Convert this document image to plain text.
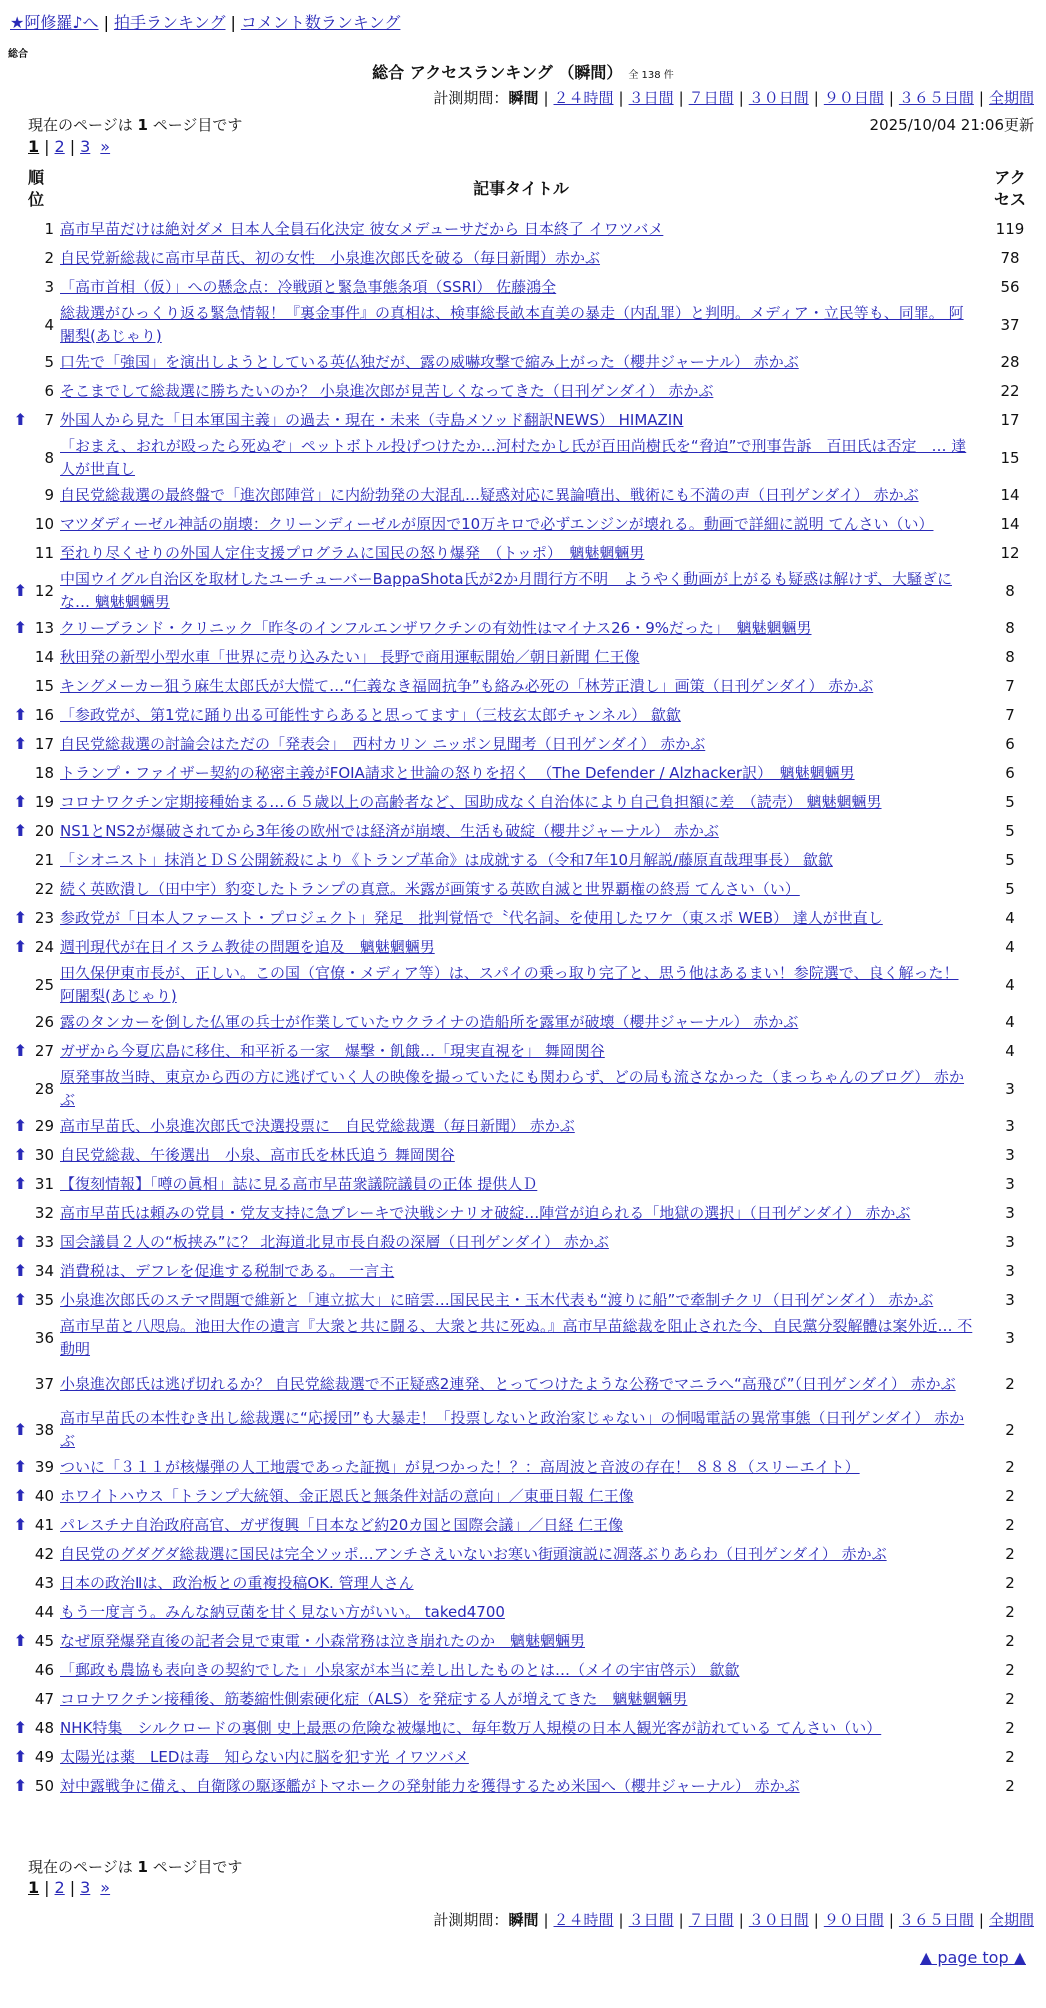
★阿修羅♪へ | 拍手ランキング | コメント数ランキング
総合
総合 アクセスランキング （瞬間） 全 138 件
計測期間：瞬間 | ２４時間 | ３日間 | ７日間 | ３０日間 | ９０日間 | ３６５日間 | 全期間
現在のページは 1 ページ目です	2025/10/04 21:06更新
1 | 2 | 3 »
順位		記事タイトル	アクセス

	1	高市早苗だけは絶対ダメ 日本人全員石化決定 彼女メデューサだから 日本終了 イワツバメ	119
	2	自民党新総裁に高市早苗氏、初の女性　小泉進次郎氏を破る（毎日新聞）赤かぶ	78
	3	「高市首相（仮）」への懸念点：冷戦頭と緊急事態条項（SSRI） 佐藤鴻全	56
	4	総裁選がひっくり返る緊急情報！『裏金事件』の真相は、検事総長畝本直美の暴走（内乱罪）と判明。メディア・立民等も、同罪。 阿闍梨(あじゃり)	37
	5	口先で「強国」を演出しようとしている英仏独だが、露の威嚇攻撃で縮み上がった（櫻井ジャーナル） 赤かぶ	28
	6	そこまでして総裁選に勝ちたいのか？ 小泉進次郎が見苦しくなってきた（日刊ゲンダイ） 赤かぶ	22
⬆	7	外国人から見た「日本軍国主義」の過去・現在・未来（寺島メソッド翻訳NEWS） HIMAZIN	17
	8	「おまえ、おれが殴ったら死ぬぞ」ペットボトル投げつけたか…河村たかし氏が百田尚樹氏を“脅迫”で刑事告訴　百田氏は否定　… 達人が世直し	15
	9	自民党総裁選の最終盤で「進次郎陣営」に内紛勃発の大混乱…疑惑対応に異論噴出、戦術にも不満の声（日刊ゲンダイ） 赤かぶ	14
	10	マツダディーゼル神話の崩壊：クリーンディーゼルが原因で10万キロで必ずエンジンが壊れる。動画で詳細に説明 てんさい（い）	14
	11	至れり尽くせりの外国人定住支援プログラムに国民の怒り爆発　（トッポ）　魑魅魍魎男	12
⬆	12	中国ウイグル自治区を取材したユーチューバーBappaShota氏が2か月間行方不明　ようやく動画が上がるも疑惑は解けず、大騒ぎにな… 魑魅魍魎男	8
⬆	13	クリーブランド・クリニック「昨冬のインフルエンザワクチンの有効性はマイナス26・9%だった」　魑魅魍魎男	8
	14	秋田発の新型小型水車「世界に売り込みたい」 長野で商用運転開始／朝日新聞 仁王像	8
	15	キングメーカー狙う麻生太郎氏が大慌て…“仁義なき福岡抗争”も絡み必死の「林芳正潰し」画策（日刊ゲンダイ） 赤かぶ	7
⬆	16	「参政党が、第1党に踊り出る可能性すらあると思ってます」（三枝玄太郎チャンネル） 歙歙	7
⬆	17	自民党総裁選の討論会はただの「発表会」　西村カリン ニッポン見聞考（日刊ゲンダイ） 赤かぶ	6
	18	トランプ・ファイザー契約の秘密主義がFOIA請求と世論の怒りを招く　（The Defender / Alzhacker訳）　魑魅魍魎男	6
⬆	19	コロナワクチン定期接種始まる…６５歳以上の高齢者など、国助成なく自治体により自己負担額に差　（読売） 魑魅魍魎男	5
⬆	20	NS1とNS2が爆破されてから3年後の欧州では経済が崩壊、生活も破綻（櫻井ジャーナル） 赤かぶ	5
	21	「シオニスト」抹消とＤＳ公開銃殺により《トランプ革命》は成就する（令和7年10月解説/藤原直哉理事長） 歙歙	5
	22	続く英欧潰し（田中宇）豹変したトランプの真意。米露が画策する英欧自滅と世界覇権の終焉 てんさい（い）	5
⬆	23	参政党が「日本人ファースト・プロジェクト」発足　批判覚悟で〝代名詞〟を使用したワケ（東スポ WEB） 達人が世直し	4
⬆	24	週刊現代が在日イスラム教徒の問題を追及　魑魅魍魎男	4
	25	田久保伊東市長が、正しい。この国（官僚・メディア等）は、スパイの乗っ取り完了と、思う他はあるまい！参院選で、良く解った！ 阿闍梨(あじゃり)	4
	26	露のタンカーを倒した仏軍の兵士が作業していたウクライナの造船所を露軍が破壊（櫻井ジャーナル） 赤かぶ	4
⬆	27	ガザから今夏広島に移住、和平祈る一家　爆撃・飢餓…「現実直視を」 舞岡関谷	4
	28	原発事故当時、東京から西の方に逃げていく人の映像を撮っていたにも関わらず、どの局も流さなかった（まっちゃんのブログ） 赤かぶ	3
⬆	29	高市早苗氏、小泉進次郎氏で決選投票に　自民党総裁選（毎日新聞） 赤かぶ	3
⬆	30	自民党総裁、午後選出　小泉、高市氏を林氏追う 舞岡関谷	3
⬆	31	【復刻情報】「噂の眞相」誌に見る高市早苗衆議院議員の正体 提供人Ｄ	3
	32	高市早苗氏は頼みの党員・党友支持に急ブレーキで決戦シナリオ破綻…陣営が迫られる「地獄の選択」（日刊ゲンダイ） 赤かぶ	3
⬆	33	国会議員２人の“板挟み”に？ 北海道北見市長自殺の深層（日刊ゲンダイ） 赤かぶ	3
⬆	34	消費税は、デフレを促進する税制である。 一言主	3
⬆	35	小泉進次郎氏のステマ問題で維新と「連立拡大」に暗雲…国民民主・玉木代表も“渡りに船”で牽制チクリ（日刊ゲンダイ） 赤かぶ	3
	36	高市早苗と八咫烏。池田大作の遺言『大衆と共に闘る、大衆と共に死ぬ。』高市早苗総裁を阻止された今、自民黨分裂解體は案外近… 不動明	3
	37	小泉進次郎氏は逃げ切れるか？ 自民党総裁選で不正疑惑2連発、とってつけたような公務でマニラへ“高飛び”（日刊ゲンダイ） 赤かぶ	2
⬆	38	高市早苗氏の本性むき出し総裁選に“応援団”も大暴走！「投票しないと政治家じゃない」の恫喝電話の異常事態（日刊ゲンダイ） 赤かぶ	2
⬆	39	ついに「３１１が核爆弾の人工地震であった証拠」が見つかった！？：高周波と音波の存在！ ８８８（スリーエイト）	2
⬆	40	ホワイトハウス「トランプ大統領、金正恩氏と無条件対話の意向」／東亜日報 仁王像	2
⬆	41	パレスチナ自治政府高官、ガザ復興「日本など約20カ国と国際会議」／日経 仁王像	2
	42	自民党のグダグダ総裁選に国民は完全ソッポ…アンチさえいないお寒い街頭演説に凋落ぶりあらわ（日刊ゲンダイ） 赤かぶ	2
	43	日本の政治Ⅱは、政治板との重複投稿OK. 管理人さん	2
	44	もう一度言う。みんな納豆菌を甘く見ない方がいい。 taked4700	2
⬆	45	なぜ原発爆発直後の記者会見で東電・小森常務は泣き崩れたのか　魑魅魍魎男	2
	46	「郵政も農協も表向きの契約でした」小泉家が本当に差し出したものとは…（メイの宇宙啓示） 歙歙	2
	47	コロナワクチン接種後、筋萎縮性側索硬化症（ALS）を発症する人が増えてきた　魑魅魍魎男	2
⬆	48	NHK特集　シルクロードの裏側 史上最悪の危険な被爆地に、毎年数万人規模の日本人観光客が訪れている てんさい（い）	2
⬆	49	太陽光は薬　LEDは毒　知らない内に脳を犯す光 イワツバメ	2
⬆	50	対中露戦争に備え、自衛隊の駆逐艦がトマホークの発射能力を獲得するため米国へ（櫻井ジャーナル） 赤かぶ	2
現在のページは 1 ページ目です
1 | 2 | 3 »
計測期間：瞬間 | ２４時間 | ３日間 | ７日間 | ３０日間 | ９０日間 | ３６５日間 | 全期間
▲ page top ▲
